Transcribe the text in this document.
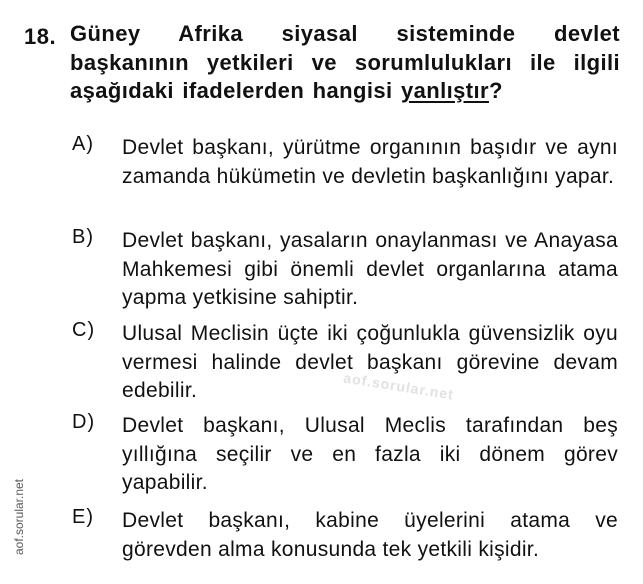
18. Güney Afrika siyasal sisteminde devlet başkanının yetkileri ve sorumlulukları ile ilgili aşağıdaki ifadelerden hangisi yanlıştır?
A) Devlet başkanı, yürütme organının başıdır ve aynı zamanda hükümetin ve devletin başkanlığını yapar.
B) Devlet başkanı, yasaların onaylanması ve Anayasa Mahkemesi gibi önemli devlet organlarına atama yapma yetkisine sahiptir.
C) Ulusal Meclisin üçte iki çoğunlukla güvensizlik oyu vermesi halinde devlet başkanı görevine devam edebilir.
D) Devlet başkanı, Ulusal Meclis tarafından beş yıllığına seçilir ve en fazla iki dönem görev yapabilir.
E) Devlet başkanı, kabine üyelerini atama ve görevden alma konusunda tek yetkili kişidir.
aof.sorular.net
aof.sorular.net
